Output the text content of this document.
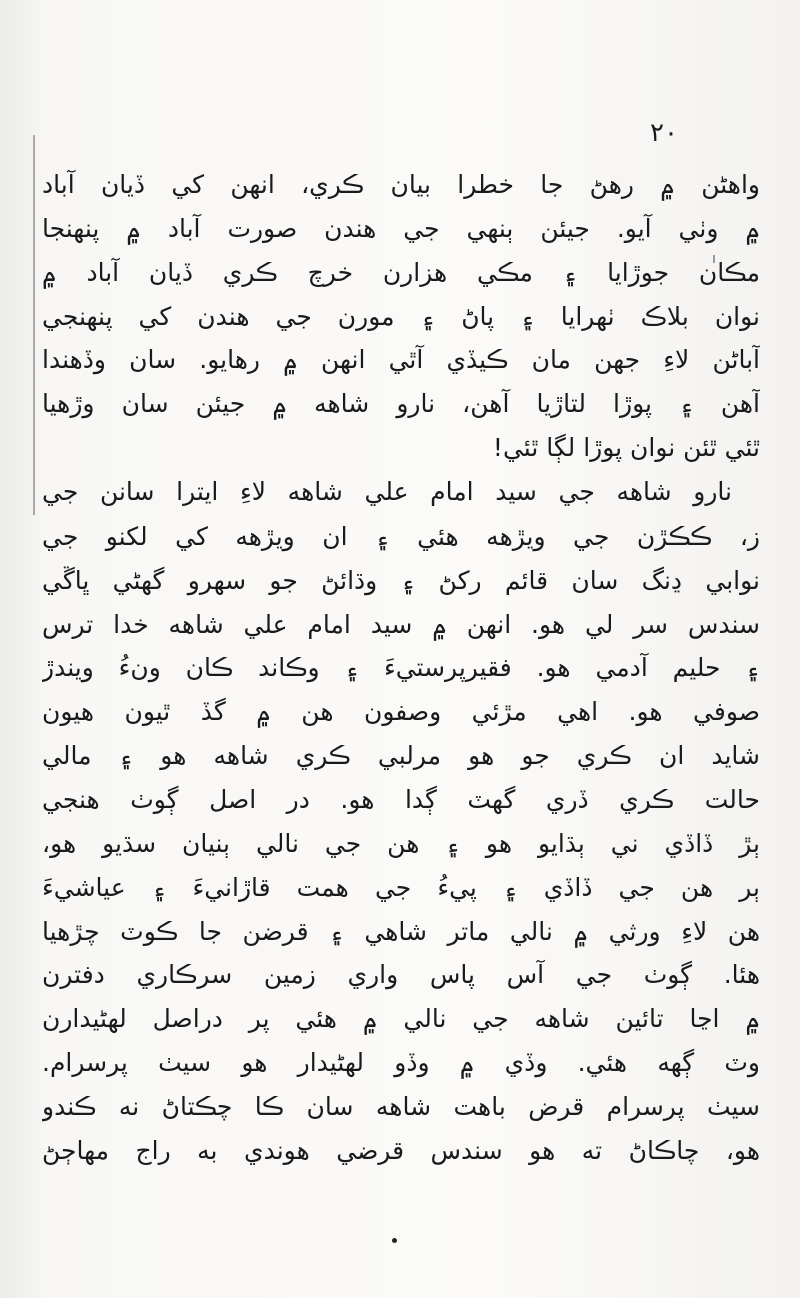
٢٠
واهڻن ۾ رهڻ جا خطرا بيان ڪري، انهن کي ڏيان آباد
۾ وٺي آيو. جيئن ٻنهي جي هندن صورت آباد ۾ پنهنجا
مڪان جوڙايا ۽ مڪي هزارن خرچ ڪري ڏيان آباد ۾
نوان بلاڪ ٺهرايا ۽ پاڻ ۽ مورن جي هندن کي پنهنجي
آباڻن لاءِ جهن مان ڪيڏي آٿي انهن ۾ رهايو. سان وڏهندا
آهن ۽ پوڙا لتاڙيا آهن، نارو شاهه ۾ جيئن سان وڙهيا
ٿئي ٿئن نوان پوڙا لڳا ٿئي!
نارو شاهه جي سيد امام علي شاهه لاءِ ايترا سانن جي
ز، ڪڪڙن جي ويڙهه هئي ۽ ان ويڙهه کي لکنو جي
نوابي ڍنگ سان قائم رکڻ ۽ وڌائڻ جو سهرو گهڻي ڀاڱي
سندس سر لي هو. انهن ۾ سيد امام علي شاهه خدا ترس
۽ حليم آدمي هو. فقيرپرستيءَ ۽ وڪاند ڪان ونءُ ويندڙ
صوفي هو. اهي مڙئي وصفون هن ۾ گڏ ٿيون هيون
شايد ان ڪري جو هو مرلبي ڪري شاهه هو ۽ مالي
حالت ڪري ڏري گهٽ ڳدا هو. در اصل ڳوٺ هنجي
ٻڙ ڏاڏي ني ٻڌايو هو ۽ هن جي نالي ٻنيان سڌيو هو،
ٻر هن جي ڏاڏي ۽ پيءُ جي همت قاڙانيءَ ۽ عياشيءَ
هن لاءِ ورثي ۾ نالي ماتر شاهي ۽ قرضن جا ڪوٽ چڙهيا
هئا. ڳوٺ جي آس پاس واري زمين سرڪاري دفترن
۾ اڃا تائين شاهه جي نالي ۾ هئي پر دراصل لهڻيدارن
وٽ ڳهه هئي. وڏي ۾ وڏو لهڻيدار هو سيٺ پرسرام.
سيٺ پرسرام قرض باهت شاهه سان ڪا چڪتاڻ نه ڪندو
هو، چاڪاڻ ته هو سندس قرضي هوندي به راج مهاڄڻ
